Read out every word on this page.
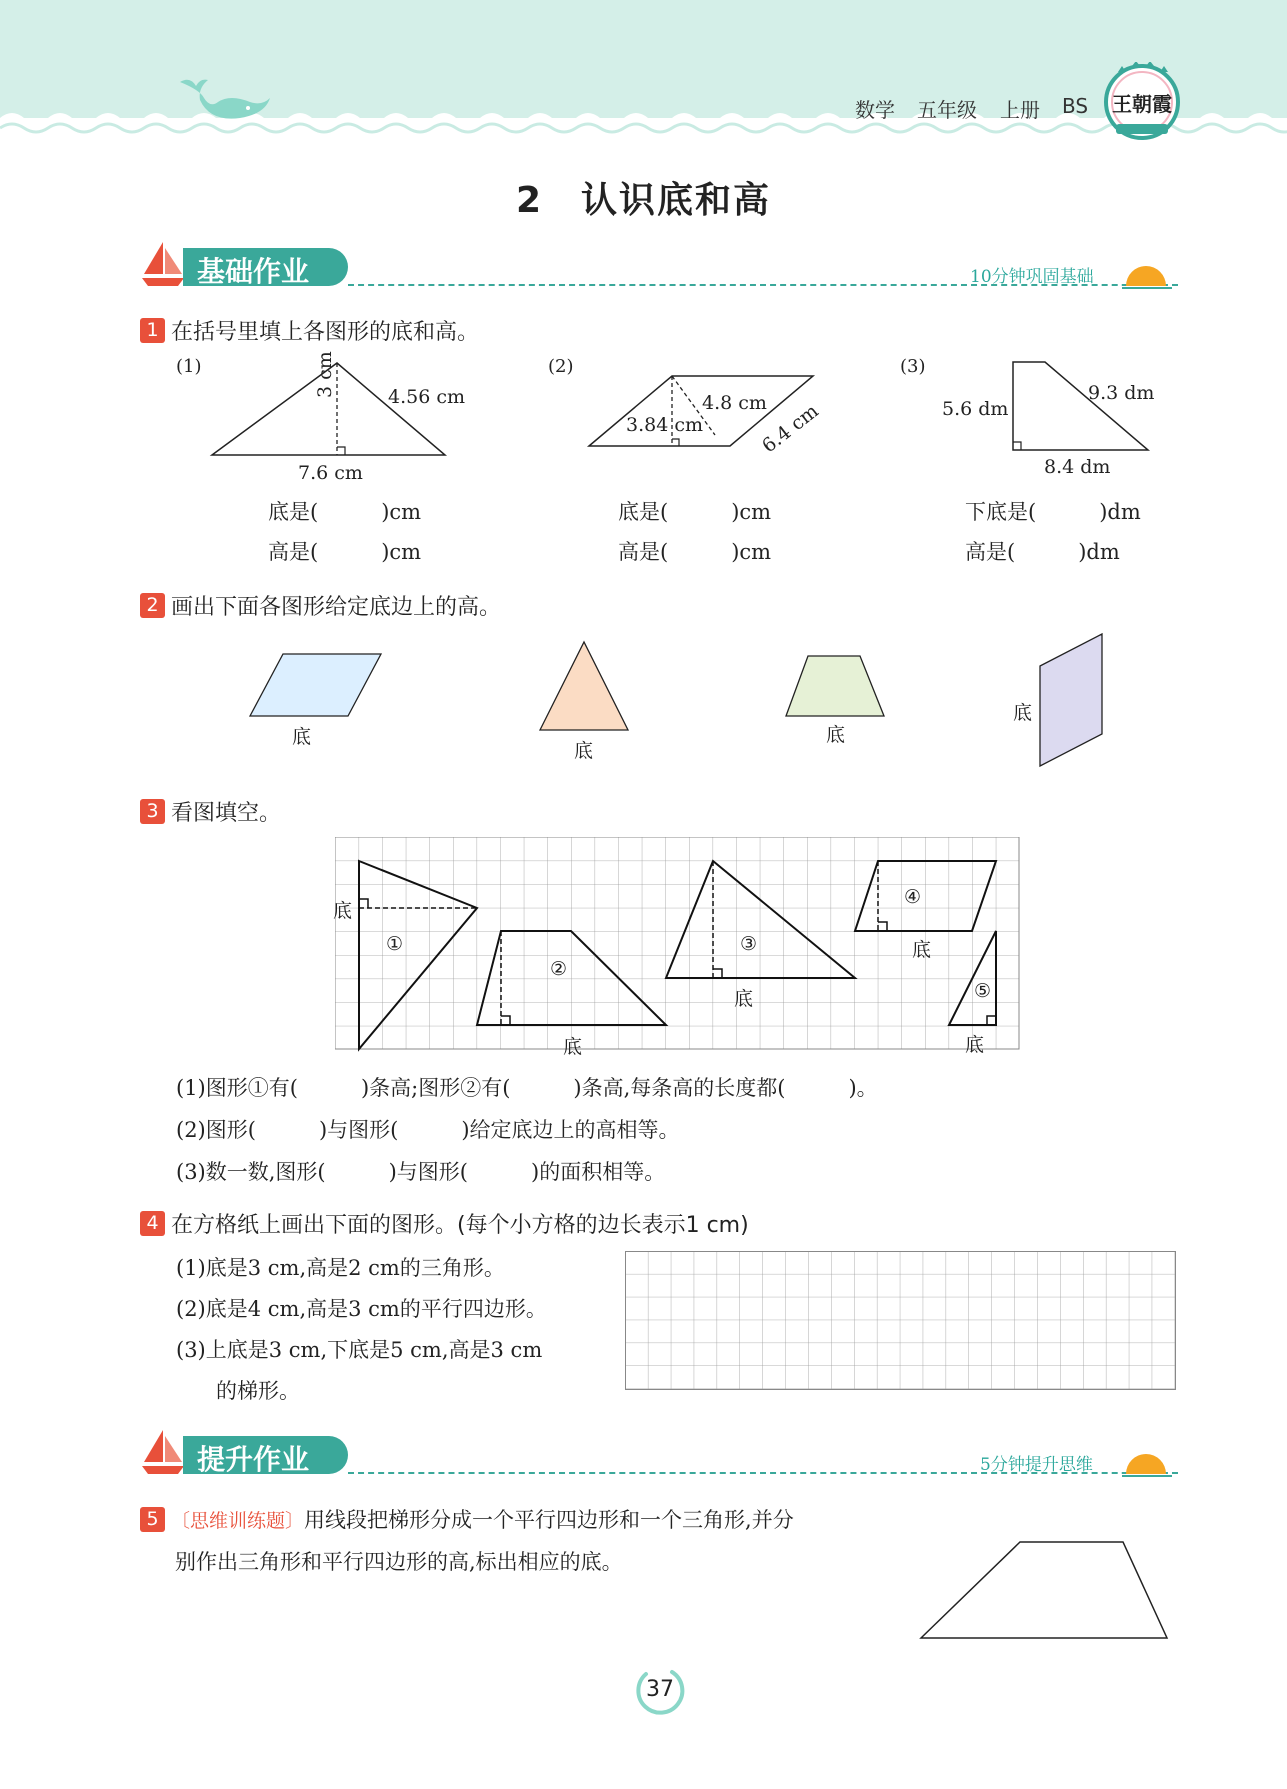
数学 五年级 上册 BS	王朝霞
2　认识底和高
基础作业	10分钟巩固基础
1 在括号里填上各图形的底和高。
(1)	3 cm	4.56 cm
7.6 cm
底是(　　　)cm
高是(　　　)cm
(2)
3.84 cm
4.8 cm
6.4 cm
底是(　　　)cm
高是(　　　)cm
(3)
5.6 dm
9.3 dm
8.4 dm
下底是(　　　)dm
高是(　　　)dm
2 画出下面各图形给定底边上的高。
底
底
底
底
3 看图填空。
底
①
②
底
③
底
④
底
⑤
底
(1)图形①有(　　　)条高;图形②有(　　　)条高,每条高的长度都(　　　)。
(2)图形(　　　)与图形(　　　)给定底边上的高相等。
(3)数一数,图形(　　　)与图形(　　　)的面积相等。
4 在方格纸上画出下面的图形。(每个小方格的边长表示1 cm)
(1)底是3 cm,高是2 cm的三角形。
(2)底是4 cm,高是3 cm的平行四边形。
(3)上底是3 cm,下底是5 cm,高是3 cm
的梯形。
提升作业	5分钟提升思维
5 〔思维训练题〕 用线段把梯形分成一个平行四边形和一个三角形,并分
别作出三角形和平行四边形的高,标出相应的底。
37
